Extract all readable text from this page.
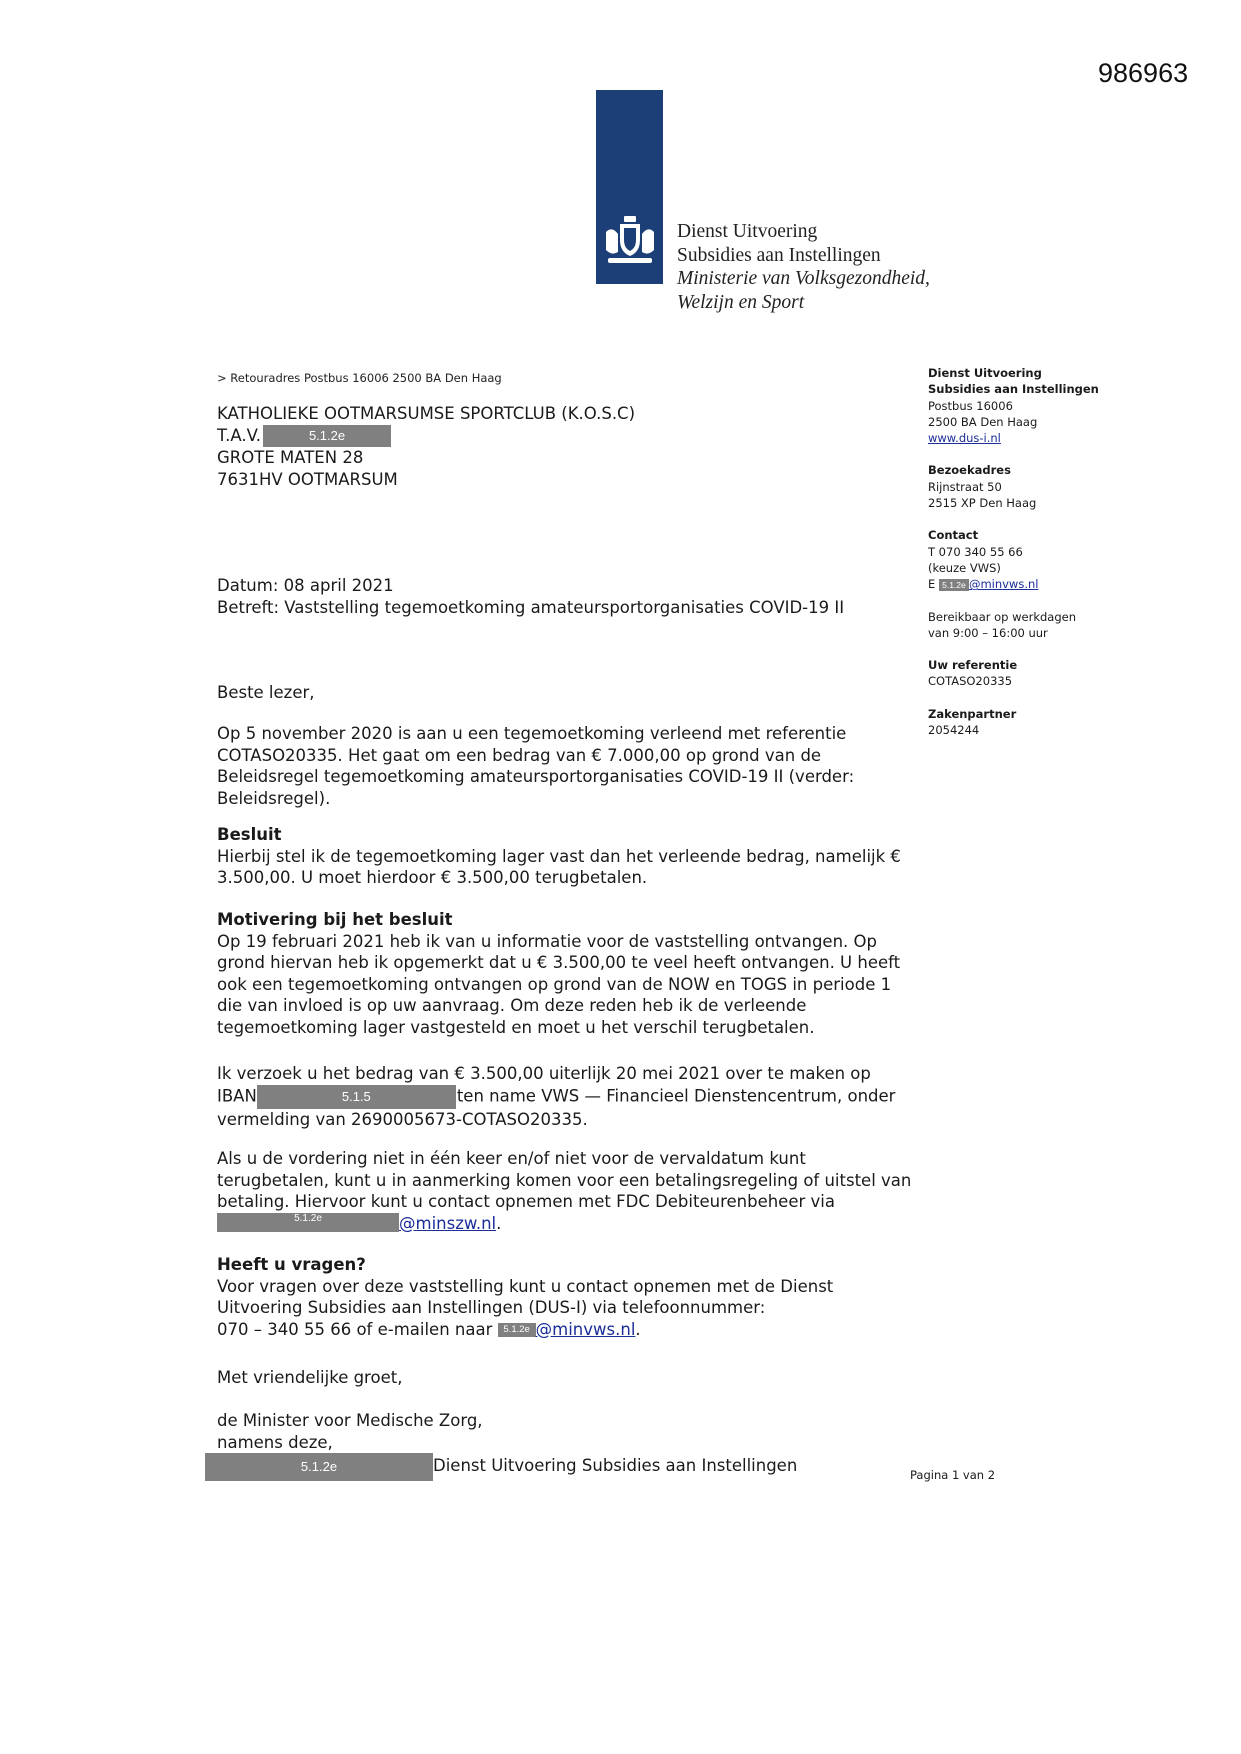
986963
Dienst Uitvoering
Subsidies aan Instellingen
Ministerie van Volksgezondheid,
Welzijn en Sport
> Retouradres Postbus 16006 2500 BA Den Haag
KATHOLIEKE OOTMARSUMSE SPORTCLUB (K.O.S.C)
T.A.V.	5.1.2e
GROTE MATEN 28
7631HV OOTMARSUM
Datum: 08 april 2021
Betreft: Vaststelling tegemoetkoming amateursportorganisaties COVID-19 II
Beste lezer,

Op 5 november 2020 is aan u een tegemoetkoming verleend met referentie COTASO20335. Het gaat om een bedrag van € 7.000,00 op grond van de Beleidsregel tegemoetkoming amateursportorganisaties COVID-19 II (verder: Beleidsregel).

Besluit

Hierbij stel ik de tegemoetkoming lager vast dan het verleende bedrag, namelijk € 3.500,00. U moet hierdoor € 3.500,00 terugbetalen.

Motivering bij het besluit

Op 19 februari 2021 heb ik van u informatie voor de vaststelling ontvangen. Op grond hiervan heb ik opgemerkt dat u € 3.500,00 te veel heeft ontvangen. U heeft ook een tegemoetkoming ontvangen op grond van de NOW en TOGS in periode 1 die van invloed is op uw aanvraag. Om deze reden heb ik de verleende tegemoetkoming lager vastgesteld en moet u het verschil terugbetalen.

Ik verzoek u het bedrag van € 3.500,00 uiterlijk 20 mei 2021 over te maken op
IBAN	5.1.5	ten name VWS — Financieel Dienstencentrum, onder
vermelding van 2690005673-COTASO20335.

Als u de vordering niet in één keer en/of niet voor de vervaldatum kunt terugbetalen, kunt u in aanmerking komen voor een betalingsregeling of uitstel van betaling. Hiervoor kunt u contact opnemen met FDC Debiteurenbeheer via

5.1.2e	@minszw.nl.
Heeft u vragen?
Voor vragen over deze vaststelling kunt u contact opnemen met de Dienst
Uitvoering Subsidies aan Instellingen (DUS-I) via telefoonnummer:
070 – 340 55 66 of e-mailen naar 5.1.2e @minvws.nl.
Met vriendelijke groet,
de Minister voor Medische Zorg,
namens deze,
5.1.2e	Dienst Uitvoering Subsidies aan Instellingen
Dienst Uitvoering
Subsidies aan Instellingen
Postbus 16006
2500 BA Den Haag
www.dus-i.nl
Bezoekadres
Rijnstraat 50
2515 XP Den Haag
Contact
T 070 340 55 66
(keuze VWS)
E 5.1.2e @minvws.nl
Bereikbaar op werkdagen
van 9:00 – 16:00 uur
Uw referentie
COTASO20335
Zakenpartner
2054244
Pagina 1 van 2
